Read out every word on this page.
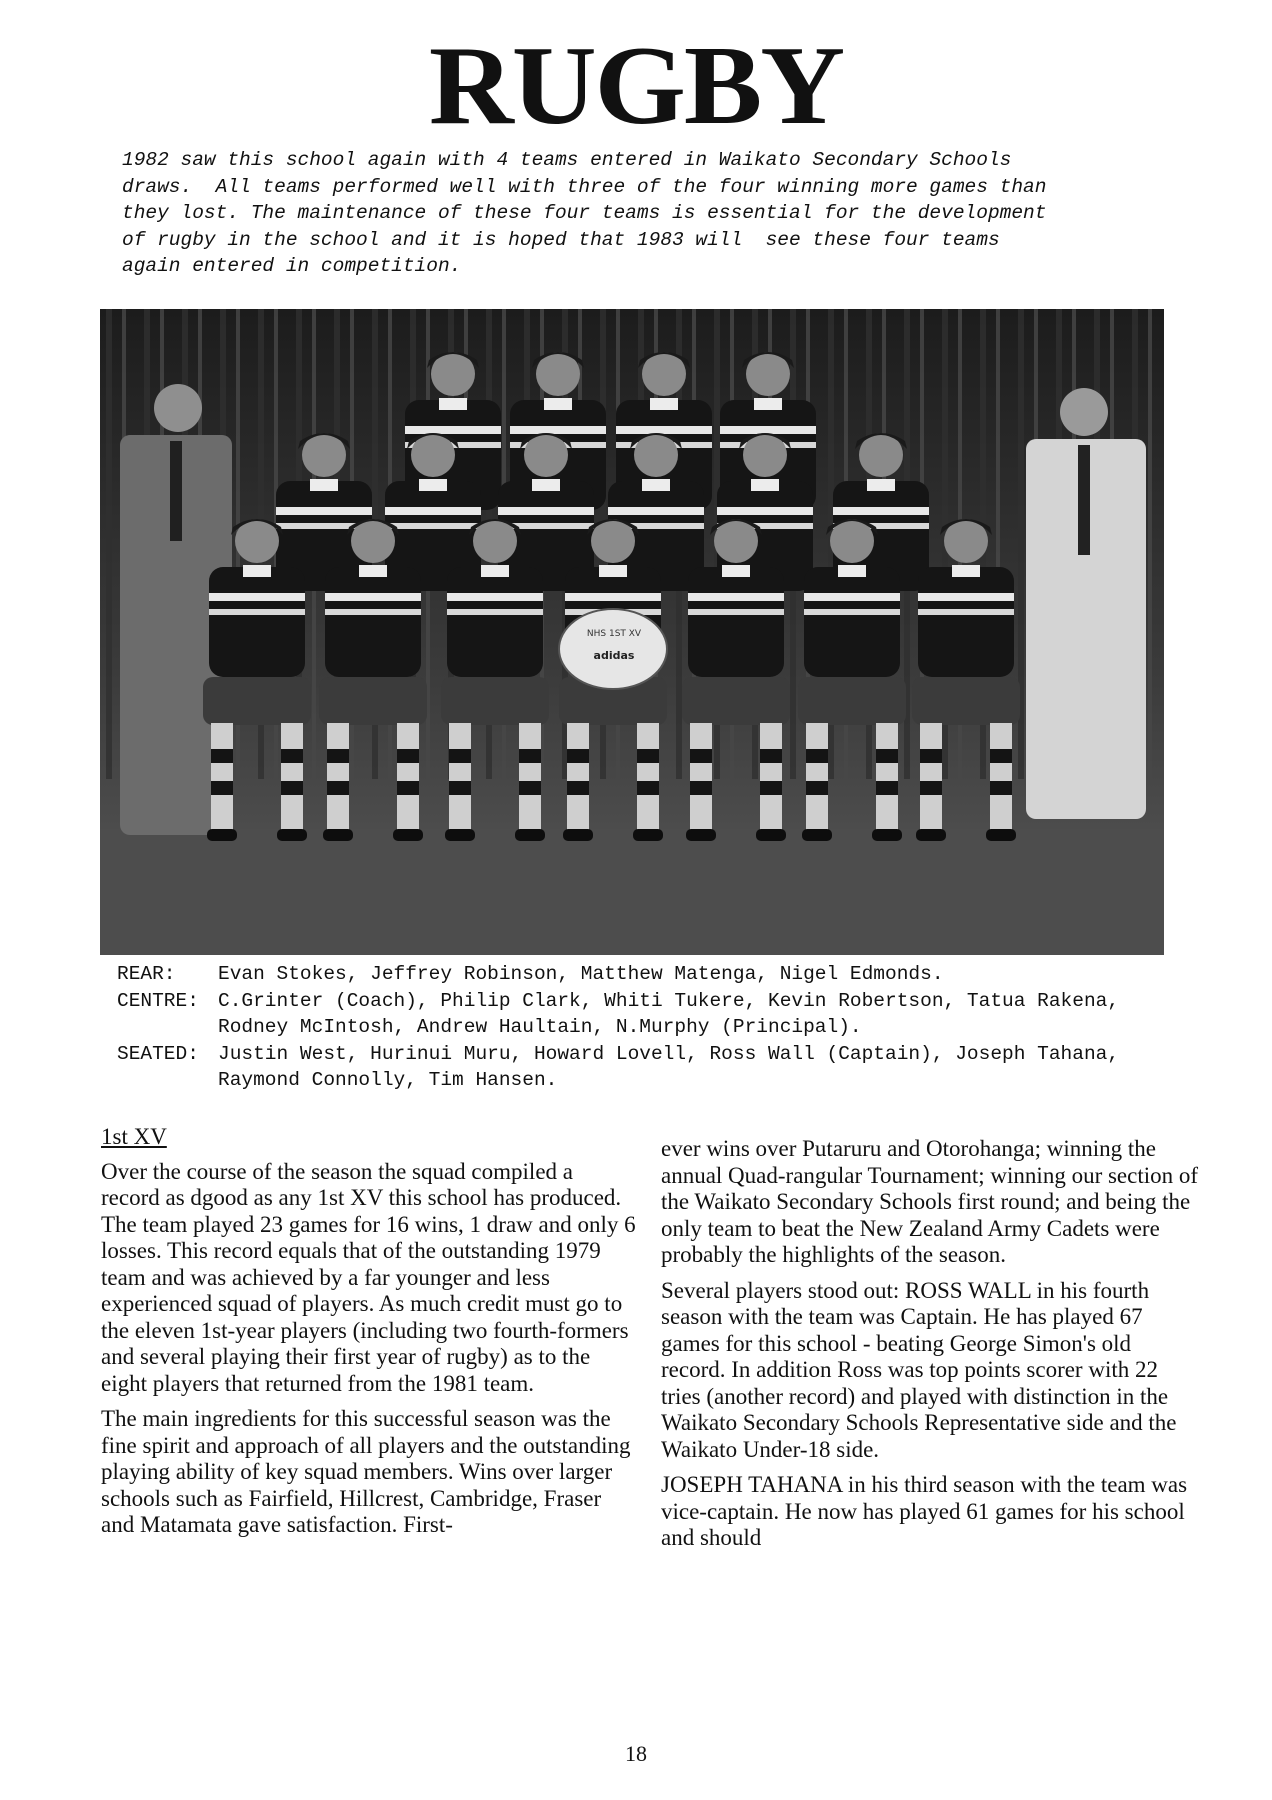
RUGBY
1982 saw this school again with 4 teams entered in Waikato Secondary Schools
draws.  All teams performed well with three of the four winning more games than
they lost. The maintenance of these four teams is essential for the development
of rugby in the school and it is hoped that 1983 will  see these four teams
again entered in competition.
NHS 1ST XV
adidas
REAR:	Evan Stokes, Jeffrey Robinson, Matthew Matenga, Nigel Edmonds.
CENTRE: C.Grinter (Coach), Philip Clark, Whiti Tukere, Kevin Robertson, Tatua Rakena, Rodney McIntosh, Andrew Haultain, N.Murphy (Principal).
SEATED: Justin West, Hurinui Muru, Howard Lovell, Ross Wall (Captain), Joseph Tahana, Raymond Connolly, Tim Hansen.
1st XV

Over the course of the season the squad compiled a record as dgood as any 1st XV this school has produced. The team played 23 games for 16 wins, 1 draw and only 6 losses. This record equals that of the outstanding 1979 team and was achieved by a far younger and less experienced squad of players. As much credit must go to the eleven 1st-year players (including two fourth-formers and several playing their first year of rugby) as to the eight players that returned from the 1981 team.

The main ingredients for this successful season was the fine spirit and approach of all players and the outstanding playing ability of key squad members. Wins over larger schools such as Fairfield, Hillcrest, Cambridge, Fraser and Matamata gave satisfaction. First-

ever wins over Putaruru and Otorohanga; winning the annual Quad-rangular Tournament; winning our section of the Waikato Secondary Schools first round; and being the only team to beat the New Zealand Army Cadets were probably the highlights of the season.

Several players stood out: ROSS WALL in his fourth season with the team was Captain. He has played 67 games for this school - beating George Simon's old record. In addition Ross was top points scorer with 22 tries (another record) and played with distinction in the Waikato Secondary Schools Representative side and the Waikato Under-18 side.

JOSEPH TAHANA in his third season with the team was vice-captain. He now has played 61 games for his school and should

18
